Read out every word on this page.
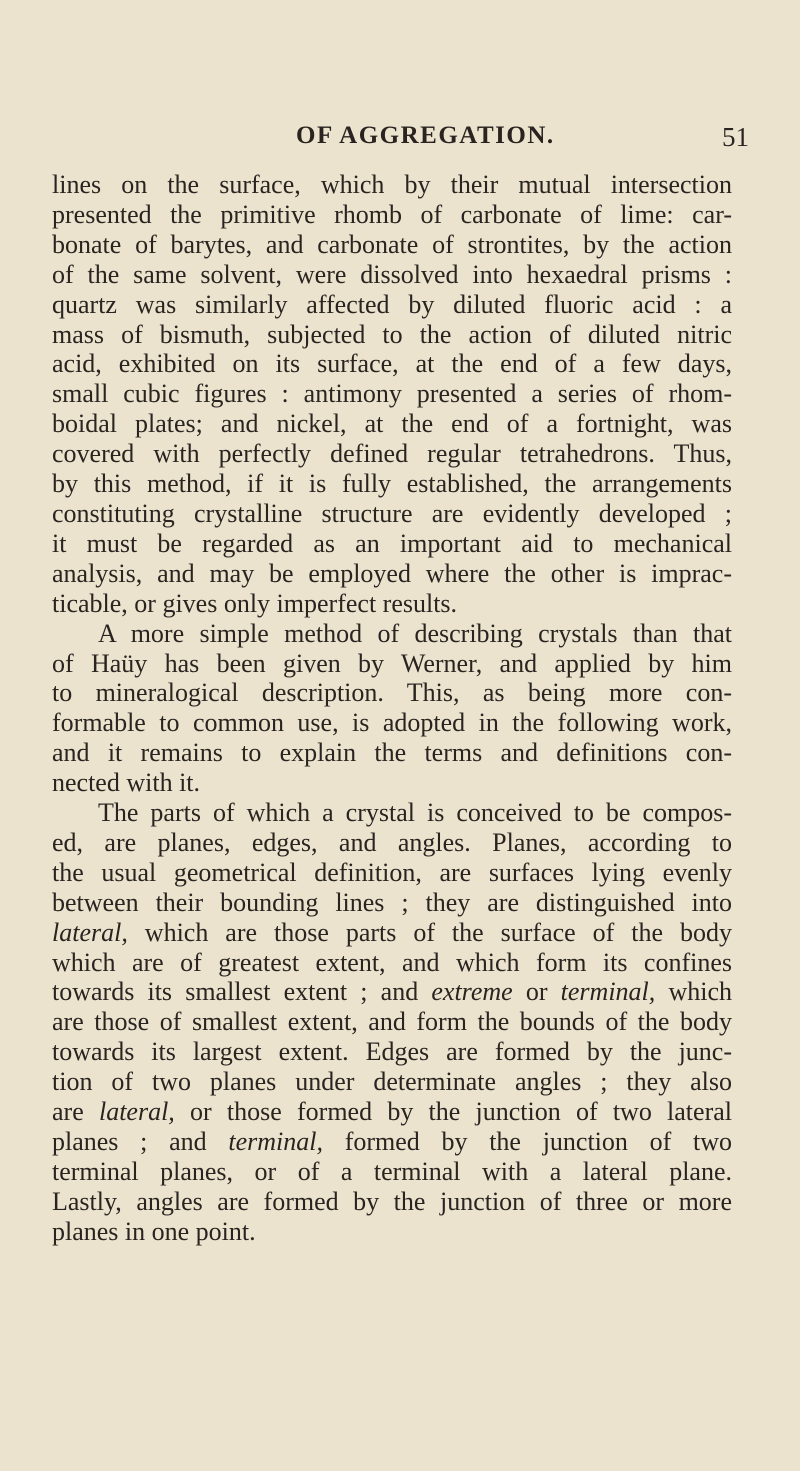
OF AGGREGATION.	51
lines on the surface, which by their mutual intersection
presented the primitive rhomb of carbonate of lime: car-
bonate of barytes, and carbonate of strontites, by the action
of the same solvent, were dissolved into hexaedral prisms :
quartz was similarly affected by diluted fluoric acid : a
mass of bismuth, subjected to the action of diluted nitric
acid, exhibited on its surface, at the end of a few days,
small cubic figures : antimony presented a series of rhom-
boidal plates; and nickel, at the end of a fortnight, was
covered with perfectly defined regular tetrahedrons. Thus,
by this method, if it is fully established, the arrangements
constituting crystalline structure are evidently developed ;
it must be regarded as an important aid to mechanical
analysis, and may be employed where the other is imprac-
ticable, or gives only imperfect results.
A more simple method of describing crystals than that
of Haüy has been given by Werner, and applied by him
to mineralogical description. This, as being more con-
formable to common use, is adopted in the following work,
and it remains to explain the terms and definitions con-
nected with it.
The parts of which a crystal is conceived to be compos-
ed, are planes, edges, and angles. Planes, according to
the usual geometrical definition, are surfaces lying evenly
between their bounding lines ; they are distinguished into
lateral, which are those parts of the surface of the body
which are of greatest extent, and which form its confines
towards its smallest extent ; and extreme or terminal, which
are those of smallest extent, and form the bounds of the body
towards its largest extent. Edges are formed by the junc-
tion of two planes under determinate angles ; they also
are lateral, or those formed by the junction of two lateral
planes ; and terminal, formed by the junction of two
terminal planes, or of a terminal with a lateral plane.
Lastly, angles are formed by the junction of three or more
planes in one point.
